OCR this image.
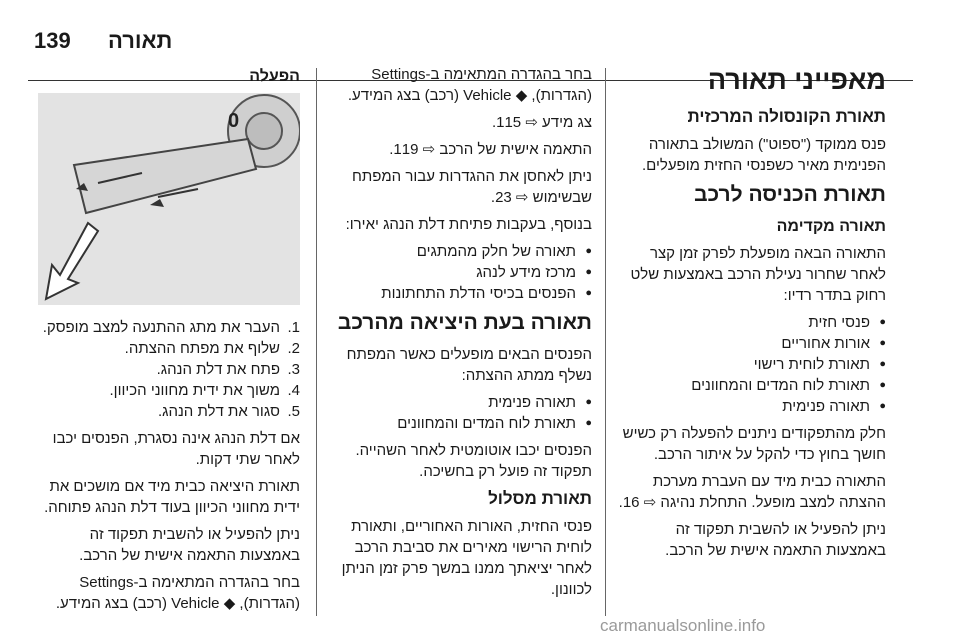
139 תאורה
מאפייני תאורה
תאורת הקונסולה המרכזית

פנס ממוקד ("ספוט") המשולב בתאורה הפנימית מאיר כשפנסי החזית מופעלים.

תאורת הכניסה לרכב
תאורה מקדימה

התאורה הבאה מופעלת לפרק זמן קצר לאחר שחרור נעילת הרכב באמצעות שלט רחוק בתדר רדיו:

● פנסי חזית
● אורות אחוריים
● תאורת לוחית רישוי
● תאורת לוח המדים והמחוונים
● תאורה פנימית

חלק מהתפקודים ניתנים להפעלה רק כשיש חושך בחוץ כדי להקל על איתור הרכב.

התאורה כבית מיד עם העברת מערכת ההצתה למצב מופעל. התחלת נהיגה ⇨ 16.

ניתן להפעיל או להשבית תפקוד זה באמצעות התאמה אישית של הרכב.

בחר בהגדרה המתאימה ב-Settings (הגדרות), ◆ Vehicle (רכב) בצג המידע.

צג מידע ⇨ 115.

התאמה אישית של הרכב ⇨ 119.

ניתן לאחסן את ההגדרות עבור המפתח שבשימוש ⇨ 23.

בנוסף, בעקבות פתיחת דלת הנהג יאירו:

● תאורה של חלק מהמתגים
● מרכז מידע לנהג
● הפנסים בכיסי הדלת התחתונות
תאורה בעת היציאה מהרכב

הפנסים הבאים מופעלים כאשר המפתח נשלף ממתג ההצתה:

● תאורה פנימית
● תאורת לוח המדים והמחוונים

הפנסים יכבו אוטומטית לאחר השהייה. תפקוד זה פועל רק בחשיכה.

תאורת מסלול

פנסי החזית, האורות האחוריים, ותאורת לוחית הרישוי מאירים את סביבת הרכב לאחר יציאתך ממנו במשך פרק זמן הניתן לכוונון.

הפעלה
0
1.
העבר את מתג ההתנעה למצב מופסק.
2.
שלוף את מפתח ההצתה.
3.
פתח את דלת הנהג.
4.
משוך את ידית מחווני הכיוון.
5.
סגור את דלת הנהג.

אם דלת הנהג אינה נסגרת, הפנסים יכבו לאחר שתי דקות.

תאורת היציאה כבית מיד אם מושכים את ידית מחווני הכיוון בעוד דלת הנהג פתוחה.

ניתן להפעיל או להשבית תפקוד זה באמצעות התאמה אישית של הרכב.

בחר בהגדרה המתאימה ב-Settings (הגדרות), ◆ Vehicle (רכב) בצג המידע.

carmanualsonline.info
